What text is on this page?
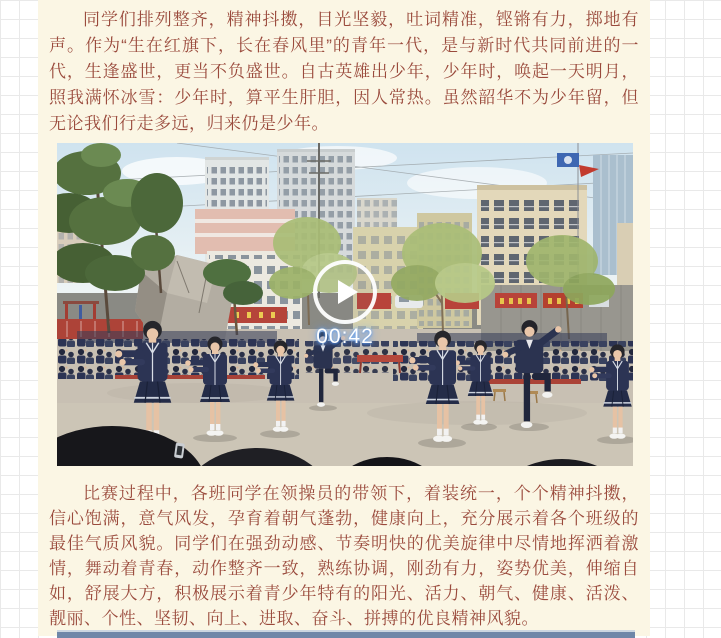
同学们排列整齐，精神抖擞，目光坚毅，吐词精准，铿锵有力，掷地有声。作为“生在红旗下，长在春风里”的青年一代，是与新时代共同前进的一代，生逢盛世，更当不负盛世。自古英雄出少年，少年时，唤起一天明月，照我满怀冰雪：少年时，算平生肝胆，因人常热。虽然韶华不为少年留，但无论我们行走多远，归来仍是少年。

00:42

比赛过程中，各班同学在领操员的带领下，着装统一，个个精神抖擞，信心饱满，意气风发，孕育着朝气蓬勃，健康向上，充分展示着各个班级的最佳气质风貌。同学们在强劲动感、节奏明快的优美旋律中尽情地挥洒着激情，舞动着青春，动作整齐一致，熟练协调，刚劲有力，姿势优美，伸缩自如，舒展大方，积极展示着青少年特有的阳光、活力、朝气、健康、活泼、靓丽、个性、坚韧、向上、进取、奋斗、拼搏的优良精神风貌。
